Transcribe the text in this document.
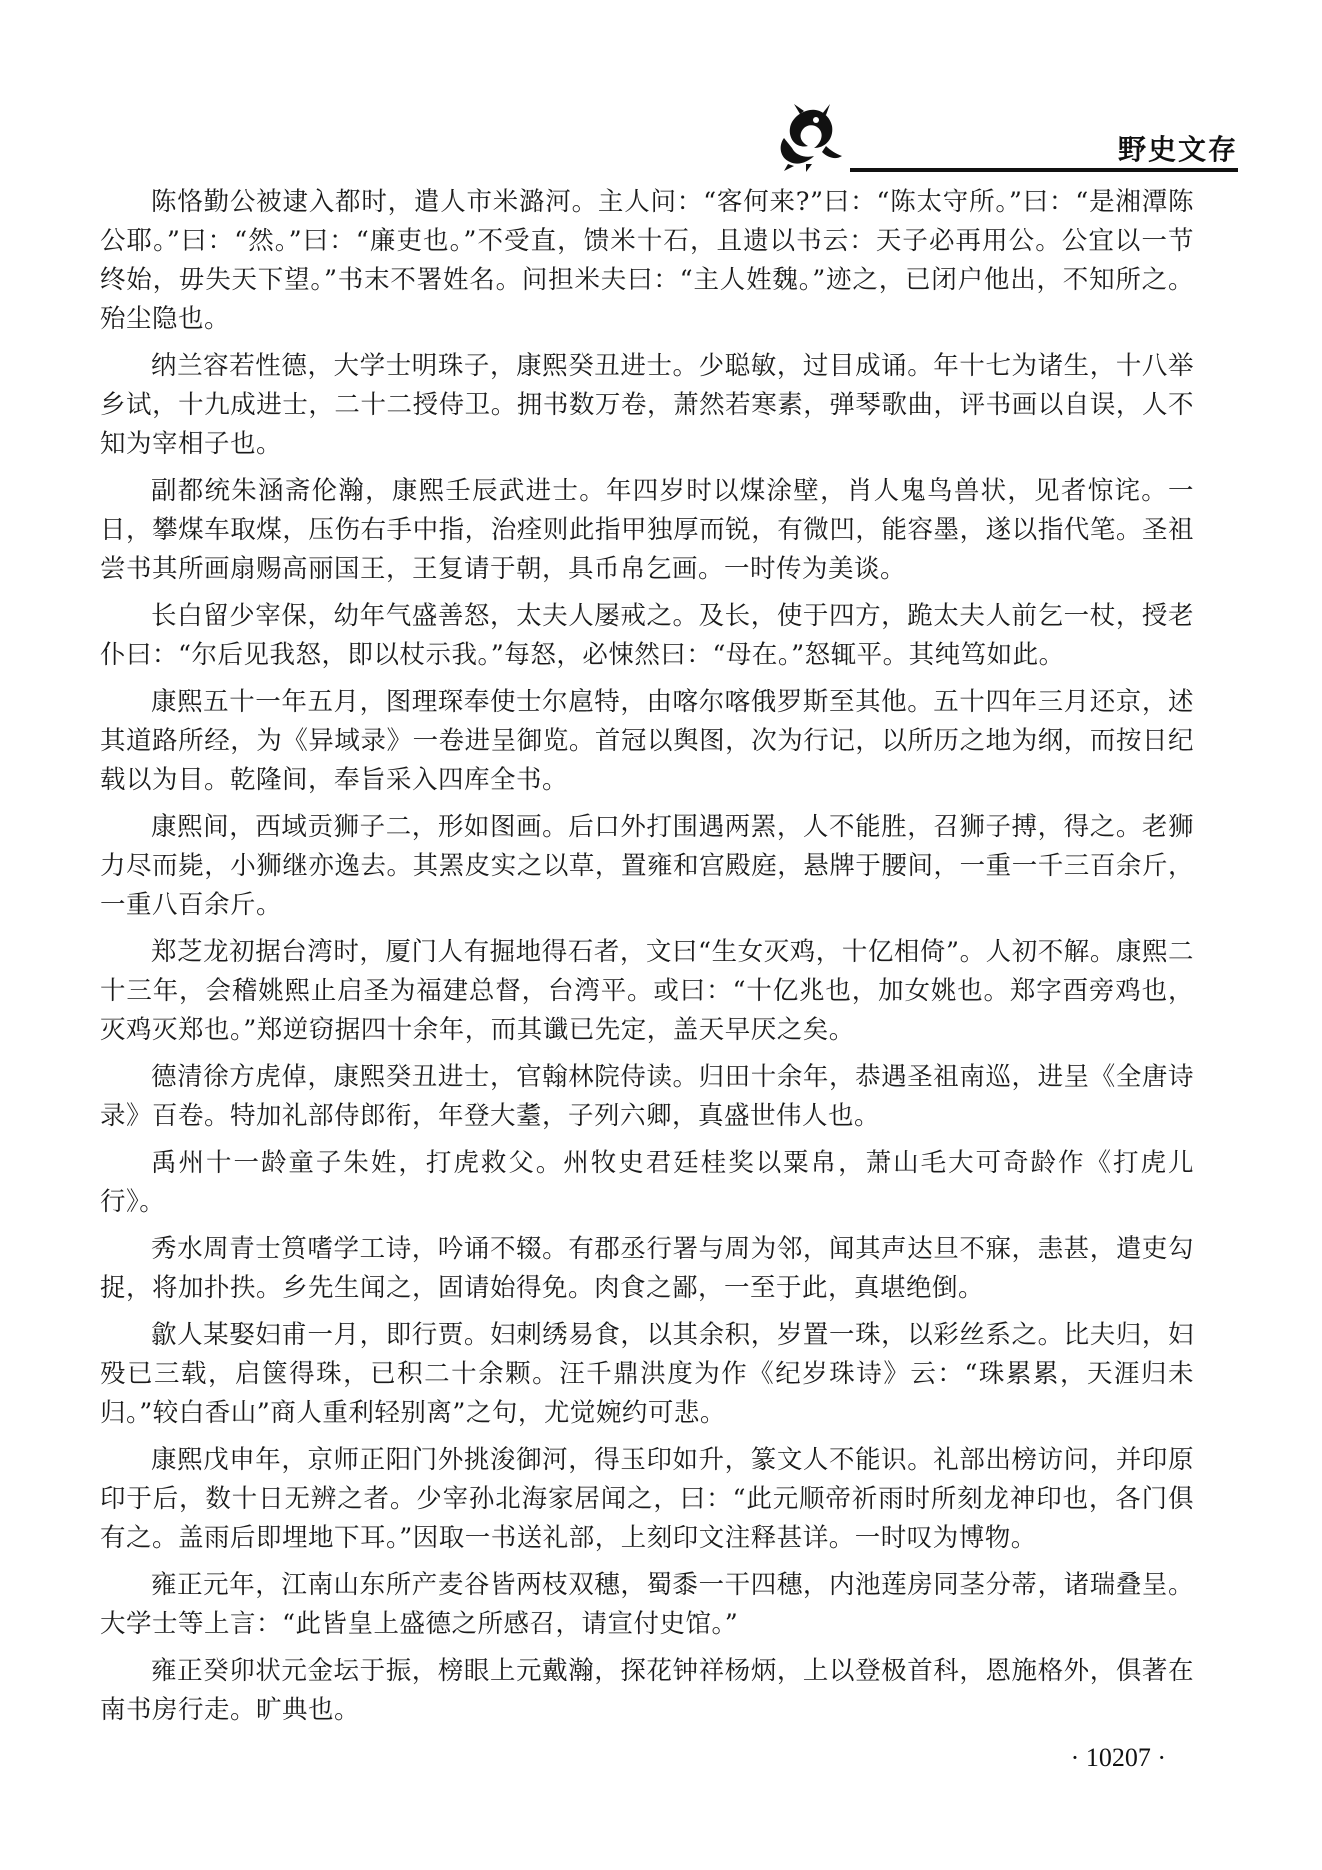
野史文存

陈恪勤公被逮入都时，遣人市米潞河。主人问：“客何来?”曰：“陈太守所。”曰：“是湘潭陈公耶。”曰：“然。”曰：“廉吏也。”不受直，馈米十石，且遗以书云：天子必再用公。公宜以一节终始，毋失天下望。”书末不署姓名。问担米夫曰：“主人姓魏。”迹之，已闭户他出，不知所之。殆尘隐也。

纳兰容若性德，大学士明珠子，康熙癸丑进士。少聪敏，过目成诵。年十七为诸生，十八举乡试，十九成进士，二十二授侍卫。拥书数万卷，萧然若寒素，弹琴歌曲，评书画以自误，人不知为宰相子也。

副都统朱涵斋伦瀚，康熙壬辰武进士。年四岁时以煤涂壁，肖人鬼鸟兽状，见者惊诧。一日，攀煤车取煤，压伤右手中指，治痊则此指甲独厚而锐，有微凹，能容墨，遂以指代笔。圣祖尝书其所画扇赐高丽国王，王复请于朝，具币帛乞画。一时传为美谈。

长白留少宰保，幼年气盛善怒，太夫人屡戒之。及长，使于四方，跪太夫人前乞一杖，授老仆曰：“尔后见我怒，即以杖示我。”每怒，必悚然曰：“母在。”怒辄平。其纯笃如此。

康熙五十一年五月，图理琛奉使士尔扈特，由喀尔喀俄罗斯至其他。五十四年三月还京，述其道路所经，为《异域录》一卷进呈御览。首冠以舆图，次为行记，以所历之地为纲，而按日纪载以为目。乾隆间，奉旨采入四库全书。

康熙间，西域贡狮子二，形如图画。后口外打围遇两罴，人不能胜，召狮子搏，得之。老狮力尽而毙，小狮继亦逸去。其罴皮实之以草，置雍和宫殿庭，悬牌于腰间，一重一千三百余斤，一重八百余斤。

郑芝龙初据台湾时，厦门人有掘地得石者，文曰“生女灭鸡，十亿相倚”。人初不解。康熙二十三年，会稽姚熙止启圣为福建总督，台湾平。或曰：“十亿兆也，加女姚也。郑字酉旁鸡也，灭鸡灭郑也。”郑逆窃据四十余年，而其谶已先定，盖天早厌之矣。

德清徐方虎倬，康熙癸丑进士，官翰林院侍读。归田十余年，恭遇圣祖南巡，进呈《全唐诗录》百卷。特加礼部侍郎衔，年登大耋，子列六卿，真盛世伟人也。

禹州十一龄童子朱姓，打虎救父。州牧史君廷桂奖以粟帛，萧山毛大可奇龄作《打虎儿行》。

秀水周青士筼嗜学工诗，吟诵不辍。有郡丞行署与周为邻，闻其声达旦不寐，恚甚，遣吏勾捉，将加扑抶。乡先生闻之，固请始得免。肉食之鄙，一至于此，真堪绝倒。

歙人某娶妇甫一月，即行贾。妇刺绣易食，以其余积，岁置一珠，以彩丝系之。比夫归，妇殁已三载，启箧得珠，已积二十余颗。汪千鼎洪度为作《纪岁珠诗》云：“珠累累，天涯归未归。”较白香山”商人重利轻别离”之句，尤觉婉约可悲。

康熙戊申年，京师正阳门外挑浚御河，得玉印如升，篆文人不能识。礼部出榜访问，并印原印于后，数十日无辨之者。少宰孙北海家居闻之，曰：“此元顺帝祈雨时所刻龙神印也，各门俱有之。盖雨后即埋地下耳。”因取一书送礼部，上刻印文注释甚详。一时叹为博物。

雍正元年，江南山东所产麦谷皆两枝双穗，蜀黍一干四穗，内池莲房同茎分蒂，诸瑞叠呈。大学士等上言：“此皆皇上盛德之所感召，请宣付史馆。”

雍正癸卯状元金坛于振，榜眼上元戴瀚，探花钟祥杨炳，上以登极首科，恩施格外，俱著在南书房行走。旷典也。

· 10207 ·
